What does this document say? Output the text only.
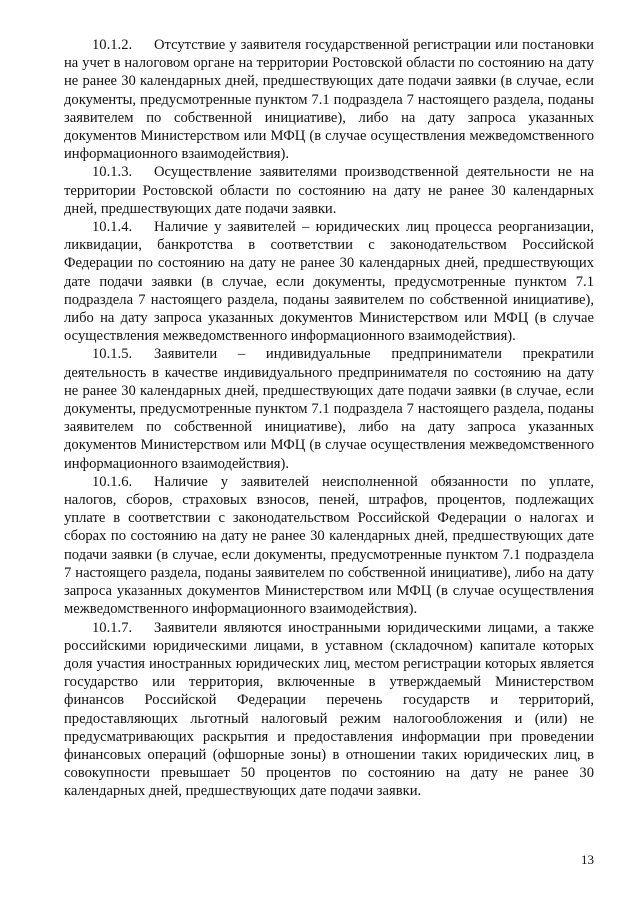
10.1.2. Отсутствие у заявителя государственной регистрации или постановки на учет в налоговом органе на территории Ростовской области по состоянию на дату не ранее 30 календарных дней, предшествующих дате подачи заявки (в случае, если документы, предусмотренные пунктом 7.1 подраздела 7 настоящего раздела, поданы заявителем по собственной инициативе), либо на дату запроса указанных документов Министерством или МФЦ (в случае осуществления межведомственного информационного взаимодействия).

10.1.3. Осуществление заявителями производственной деятельности не на территории Ростовской области по состоянию на дату не ранее 30 календарных дней, предшествующих дате подачи заявки.

10.1.4. Наличие у заявителей – юридических лиц процесса реорганизации, ликвидации, банкротства в соответствии с законодательством Российской Федерации по состоянию на дату не ранее 30 календарных дней, предшествующих дате подачи заявки (в случае, если документы, предусмотренные пунктом 7.1 подраздела 7 настоящего раздела, поданы заявителем по собственной инициативе), либо на дату запроса указанных документов Министерством или МФЦ (в случае осуществления межведомственного информационного взаимодействия).

10.1.5. Заявители – индивидуальные предприниматели прекратили деятельность в качестве индивидуального предпринимателя по состоянию на дату не ранее 30 календарных дней, предшествующих дате подачи заявки (в случае, если документы, предусмотренные пунктом 7.1 подраздела 7 настоящего раздела, поданы заявителем по собственной инициативе), либо на дату запроса указанных документов Министерством или МФЦ (в случае осуществления межведомственного информационного взаимодействия).

10.1.6. Наличие у заявителей неисполненной обязанности по уплате, налогов, сборов, страховых взносов, пеней, штрафов, процентов, подлежащих уплате в соответствии с законодательством Российской Федерации о налогах и сборах по состоянию на дату не ранее 30 календарных дней, предшествующих дате подачи заявки (в случае, если документы, предусмотренные пунктом 7.1 подраздела 7 настоящего раздела, поданы заявителем по собственной инициативе), либо на дату запроса указанных документов Министерством или МФЦ (в случае осуществления межведомственного информационного взаимодействия).

10.1.7. Заявители являются иностранными юридическими лицами, а также российскими юридическими лицами, в уставном (складочном) капитале которых доля участия иностранных юридических лиц, местом регистрации которых является государство или территория, включенные в утверждаемый Министерством финансов Российской Федерации перечень государств и территорий, предоставляющих льготный налоговый режим налогообложения и (или) не предусматривающих раскрытия и предоставления информации при проведении финансовых операций (офшорные зоны) в отношении таких юридических лиц, в совокупности превышает 50 процентов по состоянию на дату не ранее 30 календарных дней, предшествующих дате подачи заявки.

13
